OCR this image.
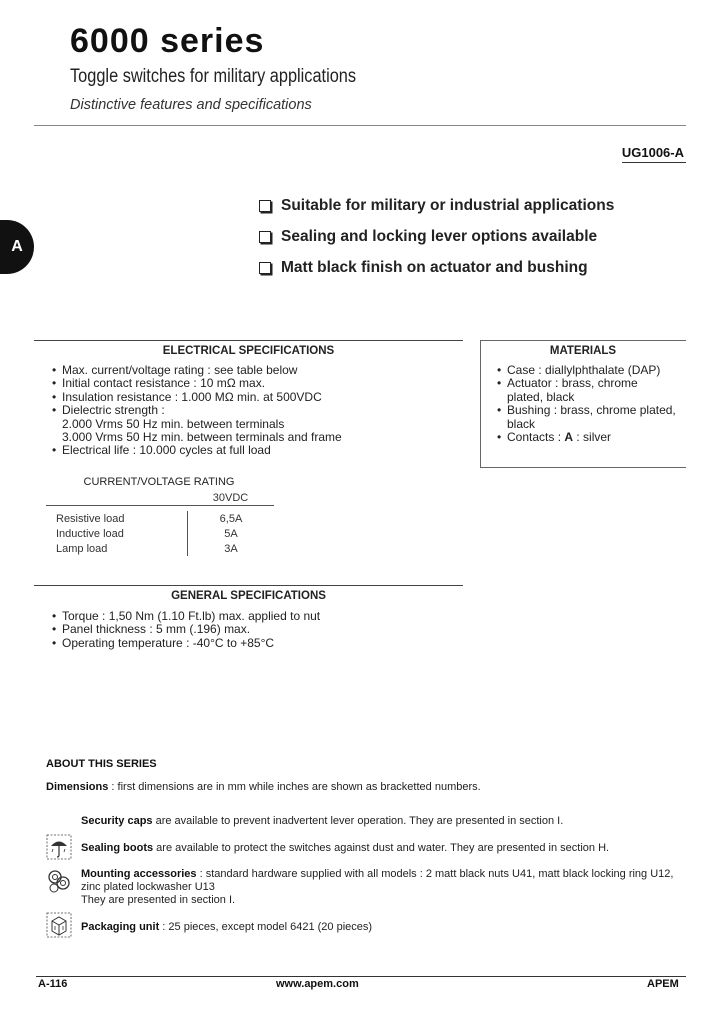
6000 series
Toggle switches for military applications
Distinctive features and specifications
UG1006-A
A
Suitable for military or industrial applications
Sealing and locking lever options available
Matt black finish on actuator and bushing
ELECTRICAL SPECIFICATIONS
• Max. current/voltage rating : see table below
• Initial contact resistance : 10 mΩ max.
• Insulation resistance : 1.000 MΩ min. at 500VDC
• Dielectric strength :
2.000 Vrms 50 Hz min. between terminals
3.000 Vrms 50 Hz min. between terminals and frame
• Electrical life : 10.000 cycles at full load
CURRENT/VOLTAGE RATING
30VDC
Resistive load	6,5A
Inductive load	5A
Lamp load	3A
MATERIALS
• Case : diallylphthalate (DAP)
• Actuator : brass, chrome
plated, black
• Bushing : brass, chrome plated,
black
• Contacts : A : silver
GENERAL SPECIFICATIONS
• Torque : 1,50 Nm (1.10 Ft.lb) max. applied to nut
• Panel thickness : 5 mm (.196) max.
• Operating temperature : -40°C to +85°C
ABOUT THIS SERIES
Dimensions : first dimensions are in mm while inches are shown as bracketted numbers.
Security caps are available to prevent inadvertent lever operation. They are presented in section I.
Sealing boots are available to protect the switches against dust and water. They are presented in section H.
Mounting accessories : standard hardware supplied with all models : 2 matt black nuts U41, matt black locking ring U12,
zinc plated lockwasher U13
They are presented in section I.
Packaging unit : 25 pieces, except model 6421 (20 pieces)
A-116	www.apem.com	APEM
